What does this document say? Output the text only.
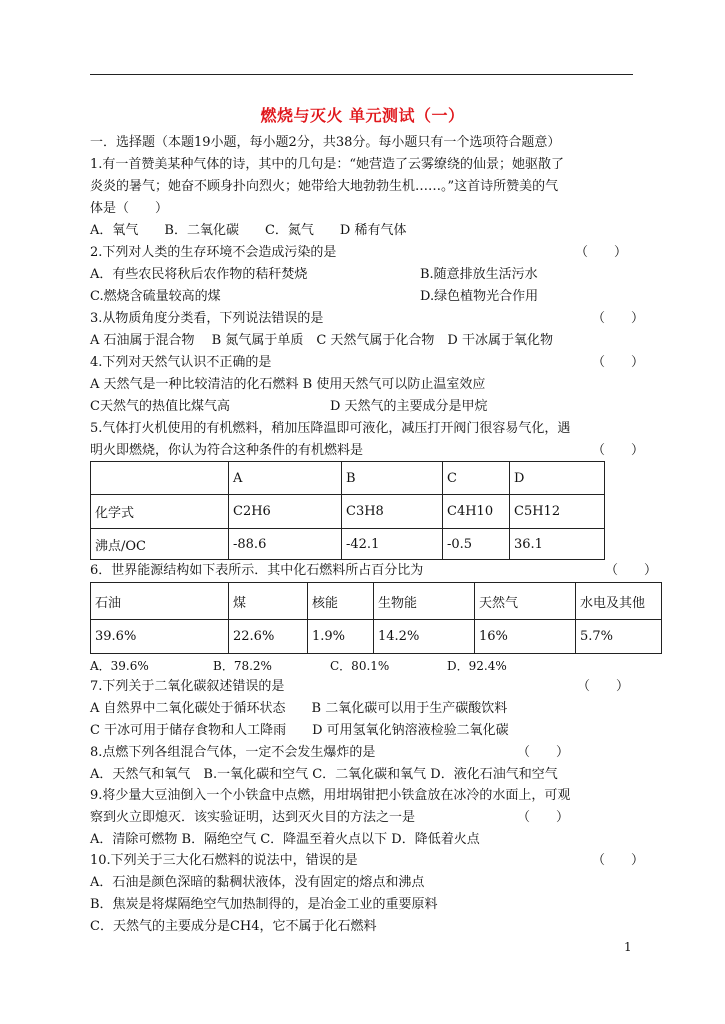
燃烧与灭火 单元测试（一）
一．选择题（本题19小题，每小题2分，共38分。每小题只有一个选项符合题意）
1.有一首赞美某种气体的诗，其中的几句是：“她营造了云雾缭绕的仙景；她驱散了
炎炎的暑气；她奋不顾身扑向烈火；她带给大地勃勃生机……。”这首诗所赞美的气
体是（　　）
A．氧气　　B．二氧化碳　　C．氮气　　D 稀有气体
2.下列对人类的生存环境不会造成污染的是	（　　）
A．有些农民将秋后农作物的秸秆焚烧	B.随意排放生活污水
C.燃烧含硫量较高的煤	D.绿色植物光合作用
3.从物质角度分类看，下列说法错误的是	（　　）
A 石油属于混合物　 B 氮气属于单质　C 天然气属于化合物　D 干冰属于氧化物
4.下列对天然气认识不正确的是	（　　）
A 天然气是一种比较清洁的化石燃料 B 使用天然气可以防止温室效应
C天然气的热值比煤气高	D 天然气的主要成分是甲烷
5.气体打火机使用的有机燃料，稍加压降温即可液化，减压打开阀门很容易气化，遇
明火即燃烧，你认为符合这种条件的有机燃料是	（　　）
	A	B	C	D
化学式	C2H6	C3H8	C4H10	C5H12
沸点/OC	-88.6	-42.1	-0.5	36.1
6．世界能源结构如下表所示．其中化石燃料所占百分比为	（　　）
石油	煤	核能	生物能	天然气	水电及其他
39.6%	22.6%	1.9%	14.2%	16%	5.7%
A．39.6%	B．78.2%	C．80.1%	D．92.4%
7.下列关于二氧化碳叙述错误的是	（　　）
A 自然界中二氧化碳处于循环状态　　B 二氧化碳可以用于生产碳酸饮料
C 干冰可用于储存食物和人工降雨　　D 可用氢氧化钠溶液检验二氧化碳
8.点燃下列各组混合气体，一定不会发生爆炸的是	（　　）
A．天然气和氧气　B.一氧化碳和空气 C．二氧化碳和氧气 D．液化石油气和空气
9.将少量大豆油倒入一个小铁盒中点燃，用坩埚钳把小铁盒放在冰冷的水面上，可观
察到火立即熄灭．该实验证明，达到灭火目的方法之一是	（　　）
A．清除可燃物 B．隔绝空气 C．降温至着火点以下 D．降低着火点
10.下列关于三大化石燃料的说法中，错误的是	（　　）
A．石油是颜色深暗的黏稠状液体，没有固定的熔点和沸点
B．焦炭是将煤隔绝空气加热制得的，是冶金工业的重要原料
C．天然气的主要成分是CH4，它不属于化石燃料
1
